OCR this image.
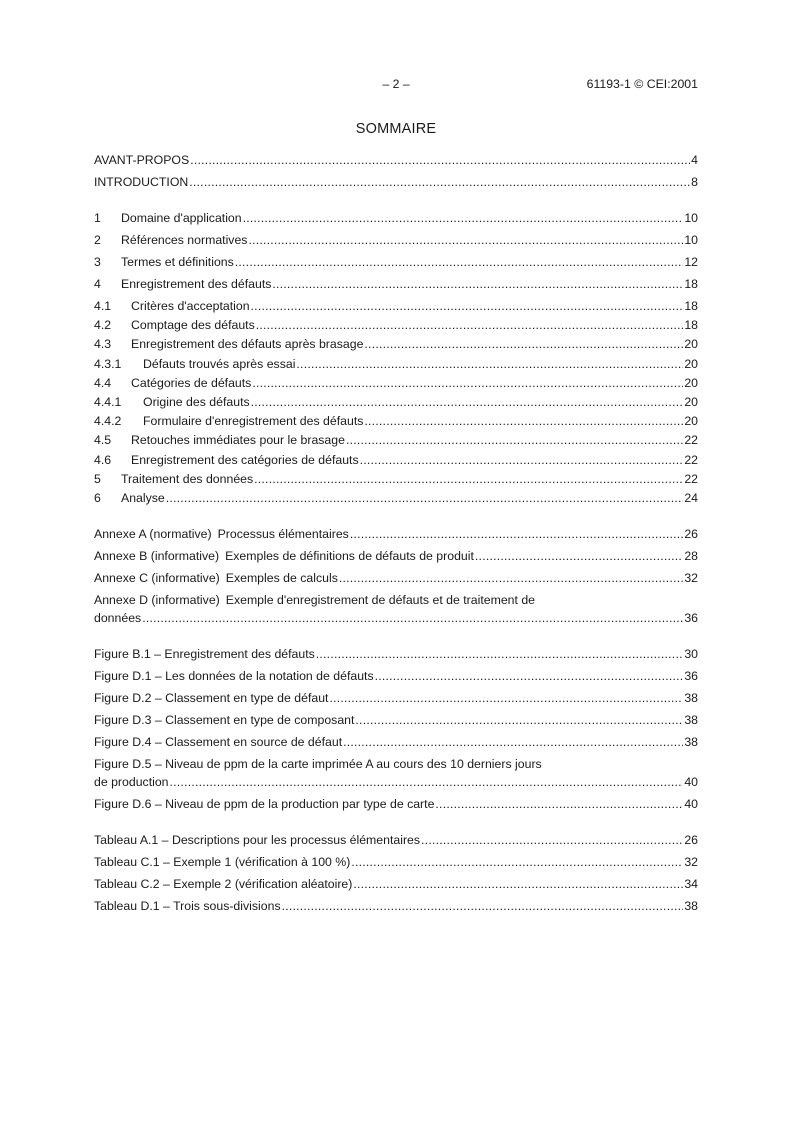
– 2 –	61193-1 © CEI:2001
SOMMAIRE
AVANT-PROPOS . . .	4
INTRODUCTION . . .	8
1	Domaine d'application . . .	10
2	Références normatives . . .	10
3	Termes et définitions . . .	12
4	Enregistrement des défauts . . .	18
4.1	Critères d'acceptation . . .	18
4.2	Comptage des défauts . . .	18
4.3	Enregistrement des défauts après brasage . . .	20
4.3.1	Défauts trouvés après essai . . .	20
4.4	Catégories de défauts . . .	20
4.4.1	Origine des défauts . . .	20
4.4.2	Formulaire d'enregistrement des défauts . . .	20
4.5	Retouches immédiates pour le brasage . . .	22
4.6	Enregistrement des catégories de défauts . . .	22
5	Traitement des données . . .	22
6	Analyse . . .	24
Annexe A (normative) Processus élémentaires . . .	26
Annexe B (informative) Exemples de définitions de défauts de produit . . .	28
Annexe C (informative) Exemples de calculs . . .	32
Annexe D (informative) Exemple d'enregistrement de défauts et de traitement de
données . . .	36
Figure B.1 – Enregistrement des défauts . . .	30
Figure D.1 – Les données de la notation de défauts . . .	36
Figure D.2 – Classement en type de défaut . . .	38
Figure D.3 – Classement en type de composant . . .	38
Figure D.4 – Classement en source de défaut . . .	38
Figure D.5 – Niveau de ppm de la carte imprimée A au cours des 10 derniers jours
de production . . .	40
Figure D.6 – Niveau de ppm de la production par type de carte . . .	40
Tableau A.1 – Descriptions pour les processus élémentaires . . .	26
Tableau C.1 – Exemple 1 (vérification à 100 %) . . .	32
Tableau C.2 – Exemple 2 (vérification aléatoire) . . .	34
Tableau D.1 – Trois sous-divisions . . .	38
